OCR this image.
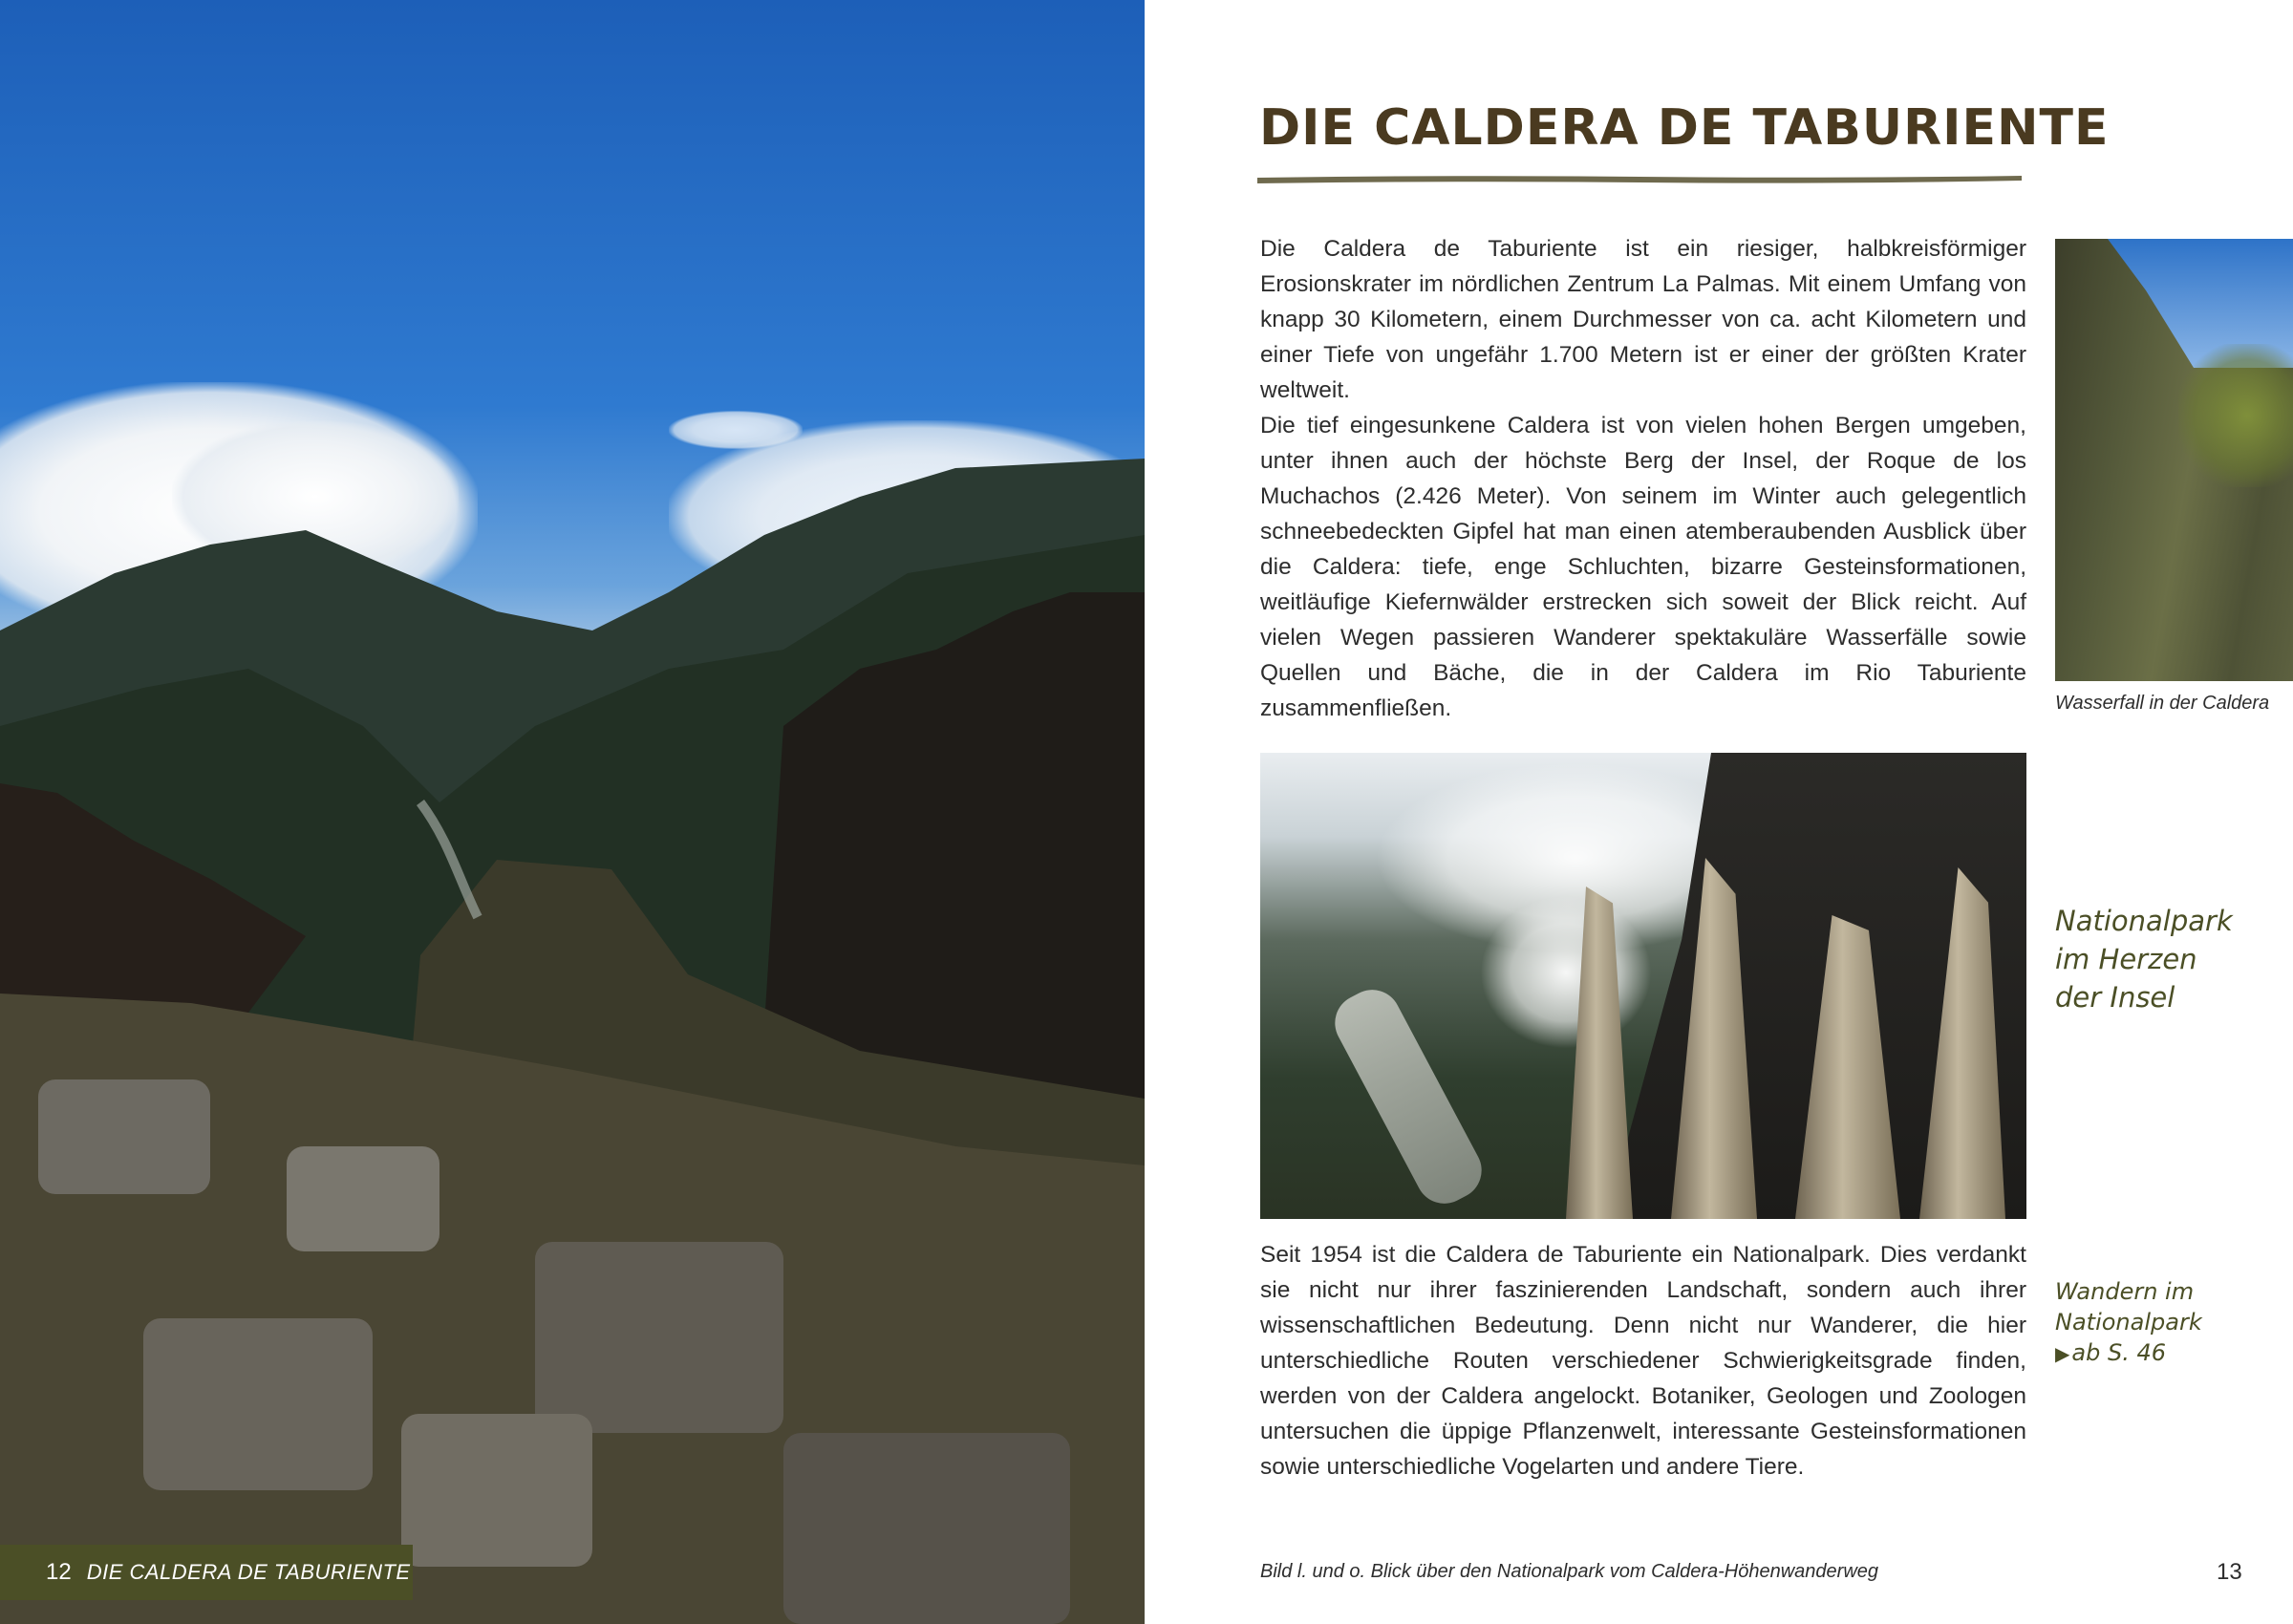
12 DIE CALDERA DE TABURIENTE
DIE CALDERA DE TABURIENTE

Die Caldera de Taburiente ist ein riesiger, halbkreisförmiger Erosionskrater im nördlichen Zentrum La Palmas. Mit einem Umfang von knapp 30 Kilometern, einem Durchmesser von ca. acht Kilometern und einer Tiefe von ungefähr 1.700 Metern ist er einer der größten Krater weltweit.

Die tief eingesunkene Caldera ist von vielen hohen Bergen umgeben, unter ihnen auch der höchste Berg der Insel, der Roque de los Muchachos (2.426 Meter). Von seinem im Winter auch gelegentlich schneebedeckten Gipfel hat man einen atemberaubenden Ausblick über die Caldera: tiefe, enge Schluchten, bizarre Gesteinsformationen, weitläufige Kiefernwälder erstrecken sich soweit der Blick reicht. Auf vielen Wegen passieren Wanderer spektakuläre Wasserfälle sowie Quellen und Bäche, die in der Caldera im Rio Taburiente zusammenfließen.	Wasserfall in der Caldera
Nationalpark
im Herzen
der Insel

Seit 1954 ist die Caldera de Taburiente ein Nationalpark. Dies verdankt sie nicht nur ihrer faszinierenden Landschaft, sondern auch ihrer wissenschaftlichen Bedeutung. Denn nicht nur Wanderer, die hier unterschiedliche Routen verschiedener Schwierigkeitsgrade finden, werden von der Caldera angelockt. Botaniker, Geologen und Zoologen untersuchen die üppige Pflanzenwelt, interessante Gesteinsformationen sowie unterschiedliche Vogelarten und andere Tiere.

Wandern im
Nationalpark
▶ab S. 46
Bild l. und o. Blick über den Nationalpark vom Caldera-Höhenwanderweg	13
